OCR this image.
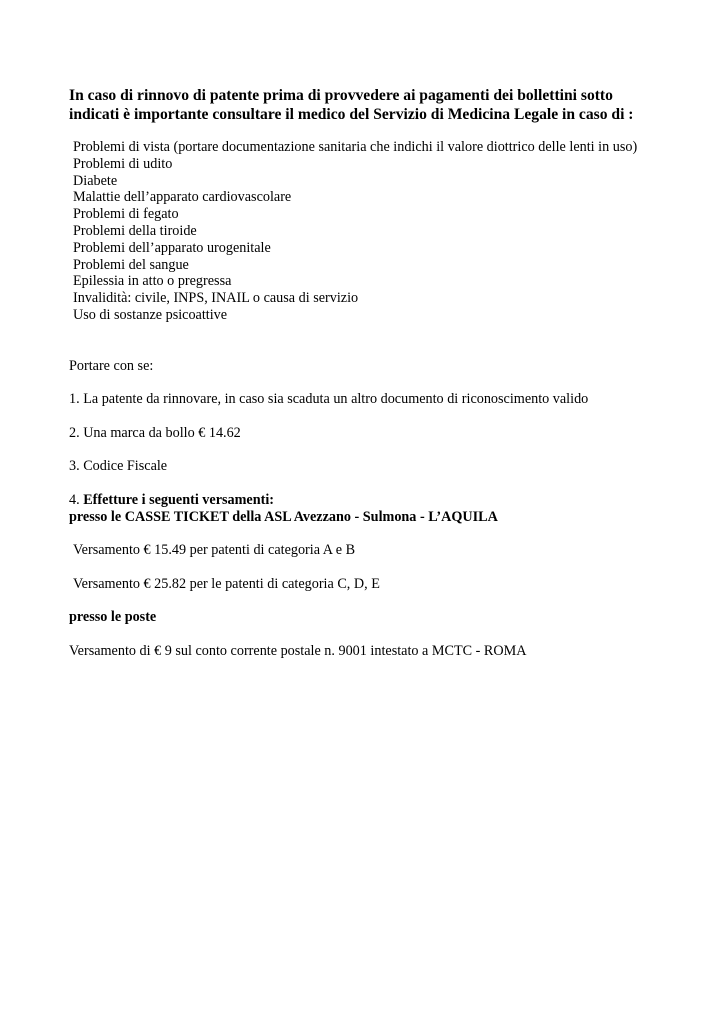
In caso di rinnovo di patente prima di provvedere ai pagamenti dei bollettini sotto
indicati è importante consultare il medico del Servizio di Medicina Legale in caso di :
Problemi di vista (portare documentazione sanitaria che indichi il valore diottrico delle lenti in uso)
Problemi di udito
Diabete
Malattie dell’apparato cardiovascolare
Problemi di fegato
Problemi della tiroide
Problemi dell’apparato urogenitale
Problemi del sangue
Epilessia in atto o pregressa
Invalidità: civile, INPS, INAIL o causa di servizio
Uso di sostanze psicoattive
Portare con se:
1. La patente da rinnovare, in caso sia scaduta un altro documento di riconoscimento valido
2. Una marca da bollo € 14.62
3. Codice Fiscale
4. Effetture i seguenti versamenti:
presso le CASSE TICKET della ASL Avezzano - Sulmona - L’AQUILA
Versamento € 15.49 per patenti di categoria A e B
Versamento € 25.82 per le patenti di categoria C, D, E
presso le poste
Versamento di € 9 sul conto corrente postale n. 9001 intestato a MCTC - ROMA
